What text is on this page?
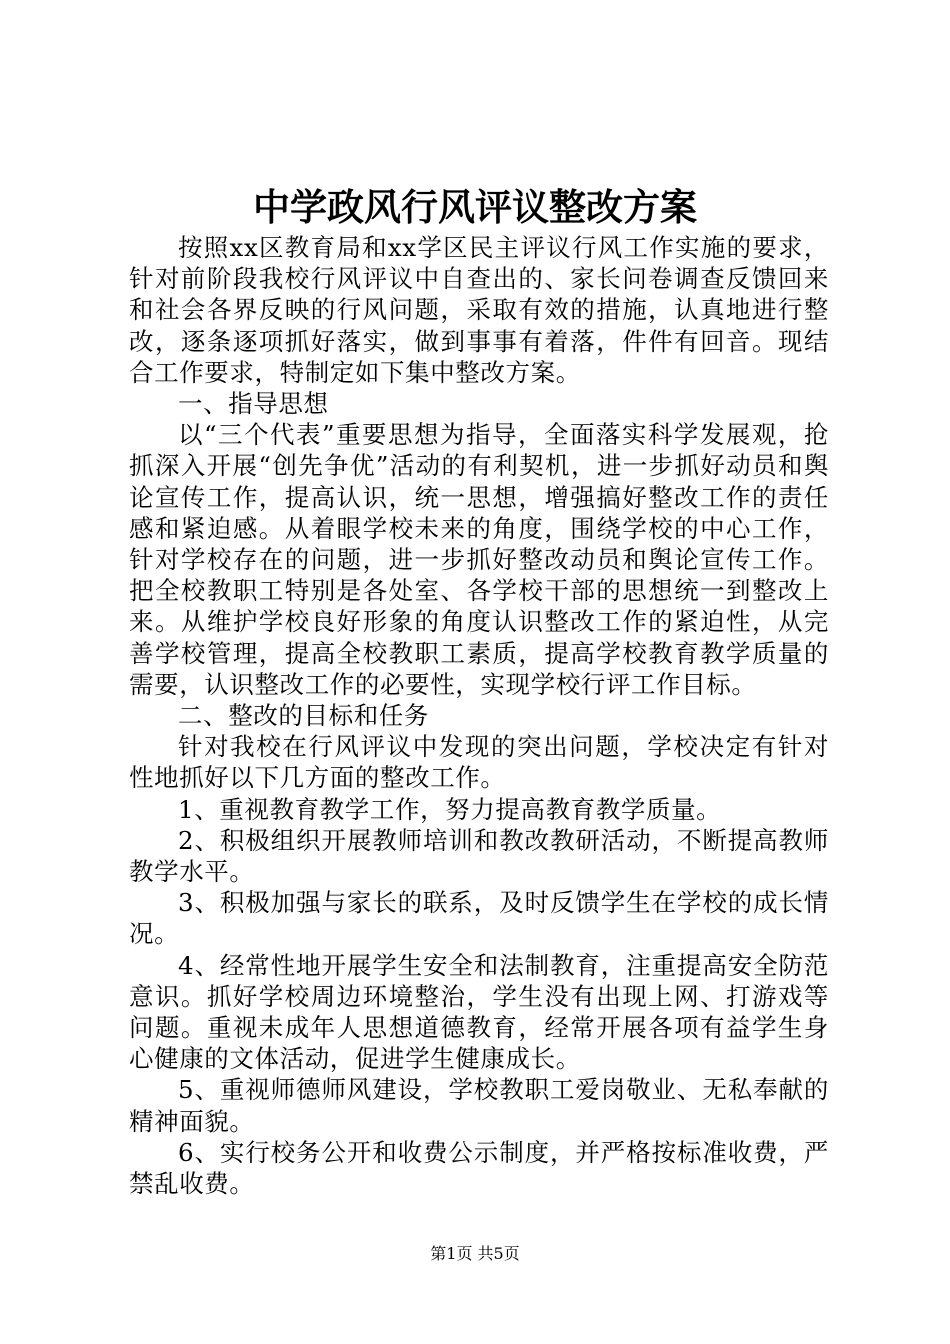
中学政风行风评议整改方案

按照xx区教育局和xx学区民主评议行风工作实施的要求，针对前阶段我校行风评议中自查出的、家长问卷调查反馈回来和社会各界反映的行风问题，采取有效的措施，认真地进行整改，逐条逐项抓好落实，做到事事有着落，件件有回音。现结合工作要求，特制定如下集中整改方案。

一、指导思想

以“三个代表”重要思想为指导，全面落实科学发展观，抢抓深入开展“创先争优”活动的有利契机，进一步抓好动员和舆论宣传工作，提高认识，统一思想，增强搞好整改工作的责任感和紧迫感。从着眼学校未来的角度，围绕学校的中心工作，针对学校存在的问题，进一步抓好整改动员和舆论宣传工作。把全校教职工特别是各处室、各学校干部的思想统一到整改上来。从维护学校良好形象的角度认识整改工作的紧迫性，从完善学校管理，提高全校教职工素质，提高学校教育教学质量的需要，认识整改工作的必要性，实现学校行评工作目标。

二、整改的目标和任务

针对我校在行风评议中发现的突出问题，学校决定有针对性地抓好以下几方面的整改工作。

1、重视教育教学工作，努力提高教育教学质量。

2、积极组织开展教师培训和教改教研活动，不断提高教师教学水平。

3、积极加强与家长的联系，及时反馈学生在学校的成长情况。

4、经常性地开展学生安全和法制教育，注重提高安全防范意识。抓好学校周边环境整治，学生没有出现上网、打游戏等问题。重视未成年人思想道德教育，经常开展各项有益学生身心健康的文体活动，促进学生健康成长。

5、重视师德师风建设，学校教职工爱岗敬业、无私奉献的精神面貌。

6、实行校务公开和收费公示制度，并严格按标准收费，严禁乱收费。

第1页 共5页
